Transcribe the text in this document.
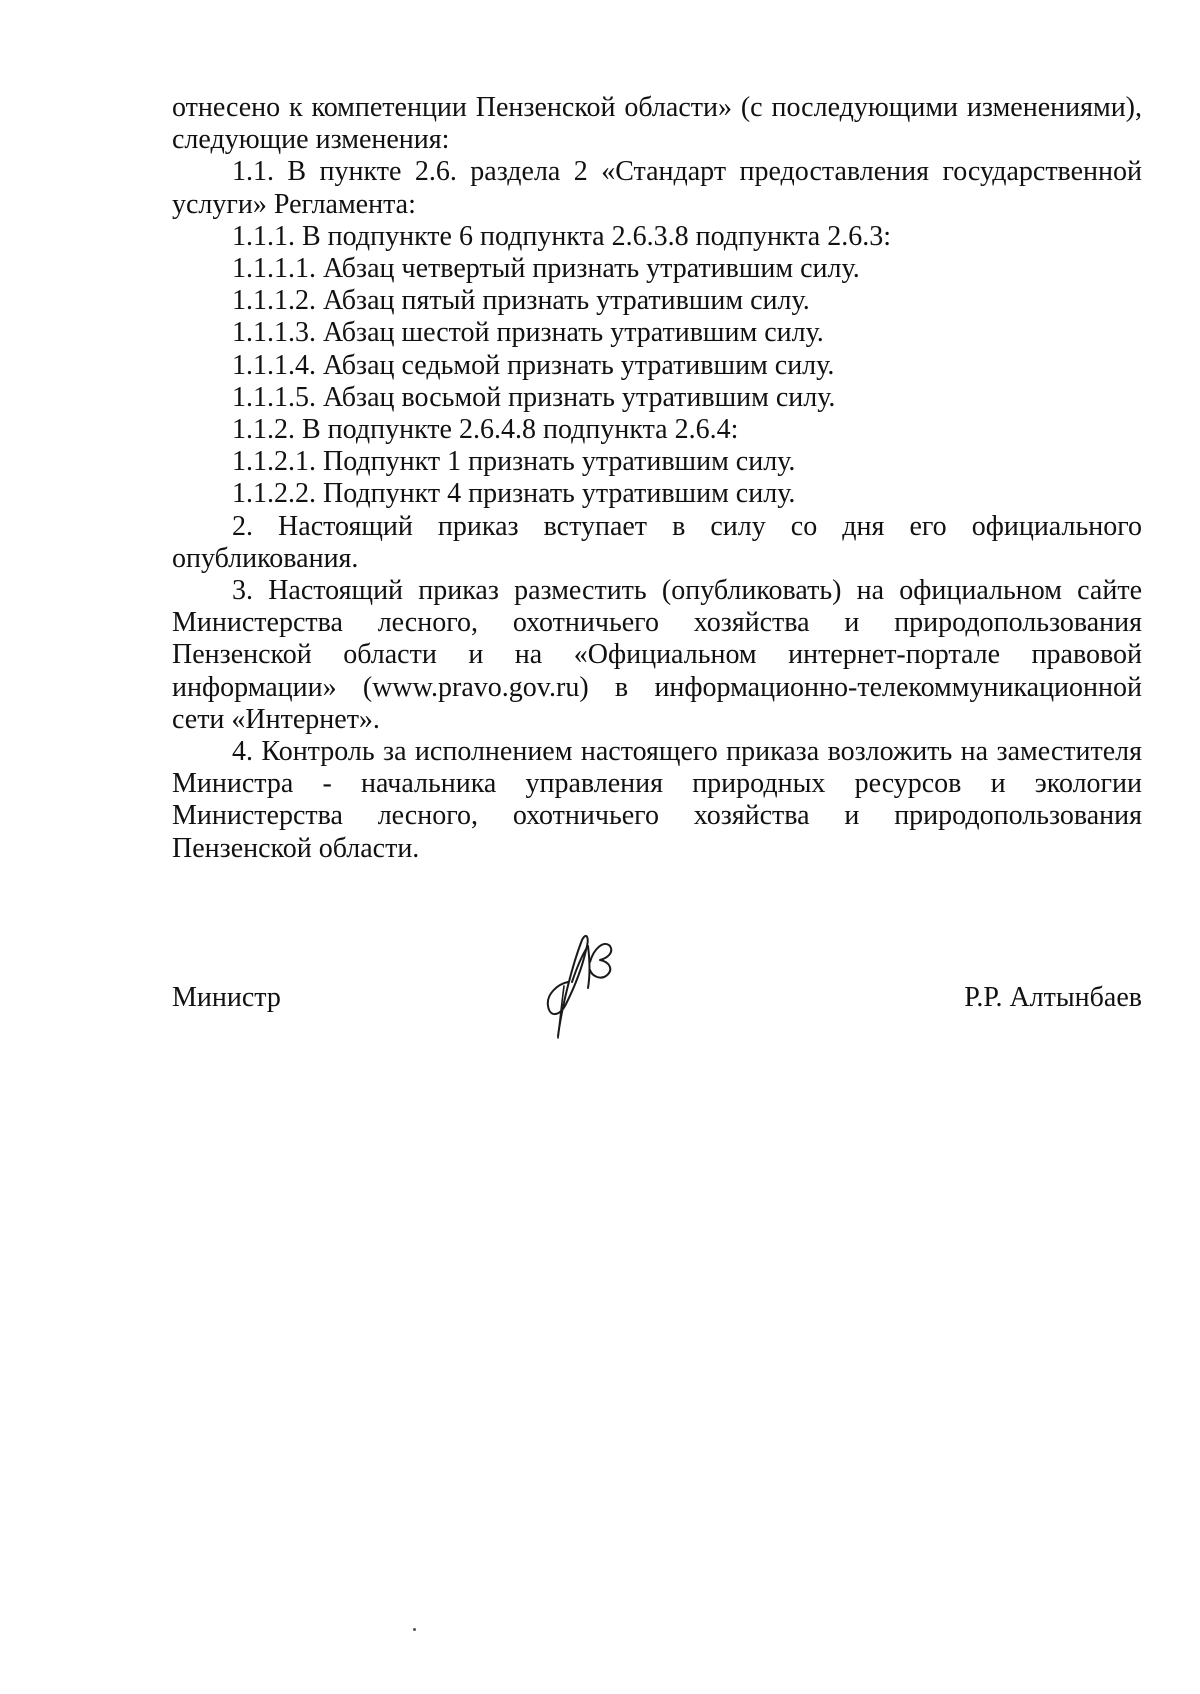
отнесено к компетенции Пензенской области» (с последующими изменениями), следующие изменения:

1.1. В пункте 2.6. раздела 2 «Стандарт предоставления государственной услуги» Регламента:

1.1.1. В подпункте 6 подпункта 2.6.3.8 подпункта 2.6.3:

1.1.1.1. Абзац четвертый признать утратившим силу.

1.1.1.2. Абзац пятый признать утратившим силу.

1.1.1.3. Абзац шестой признать утратившим силу.

1.1.1.4. Абзац седьмой признать утратившим силу.

1.1.1.5. Абзац восьмой признать утратившим силу.

1.1.2. В подпункте 2.6.4.8 подпункта 2.6.4:

1.1.2.1. Подпункт 1 признать утратившим силу.

1.1.2.2. Подпункт 4 признать утратившим силу.

2. Настоящий приказ вступает в силу со дня его официального опубликования.

3. Настоящий приказ разместить (опубликовать) на официальном сайте Министерства лесного, охотничьего хозяйства и природопользования Пензенской области и на «Официальном интернет-портале правовой информации» (www.pravo.gov.ru) в информационно-телекоммуникационной сети «Интернет».

4. Контроль за исполнением настоящего приказа возложить на заместителя Министра - начальника управления природных ресурсов и экологии Министерства лесного, охотничьего хозяйства и природопользования Пензенской области.

Министр	Р.Р. Алтынбаев
